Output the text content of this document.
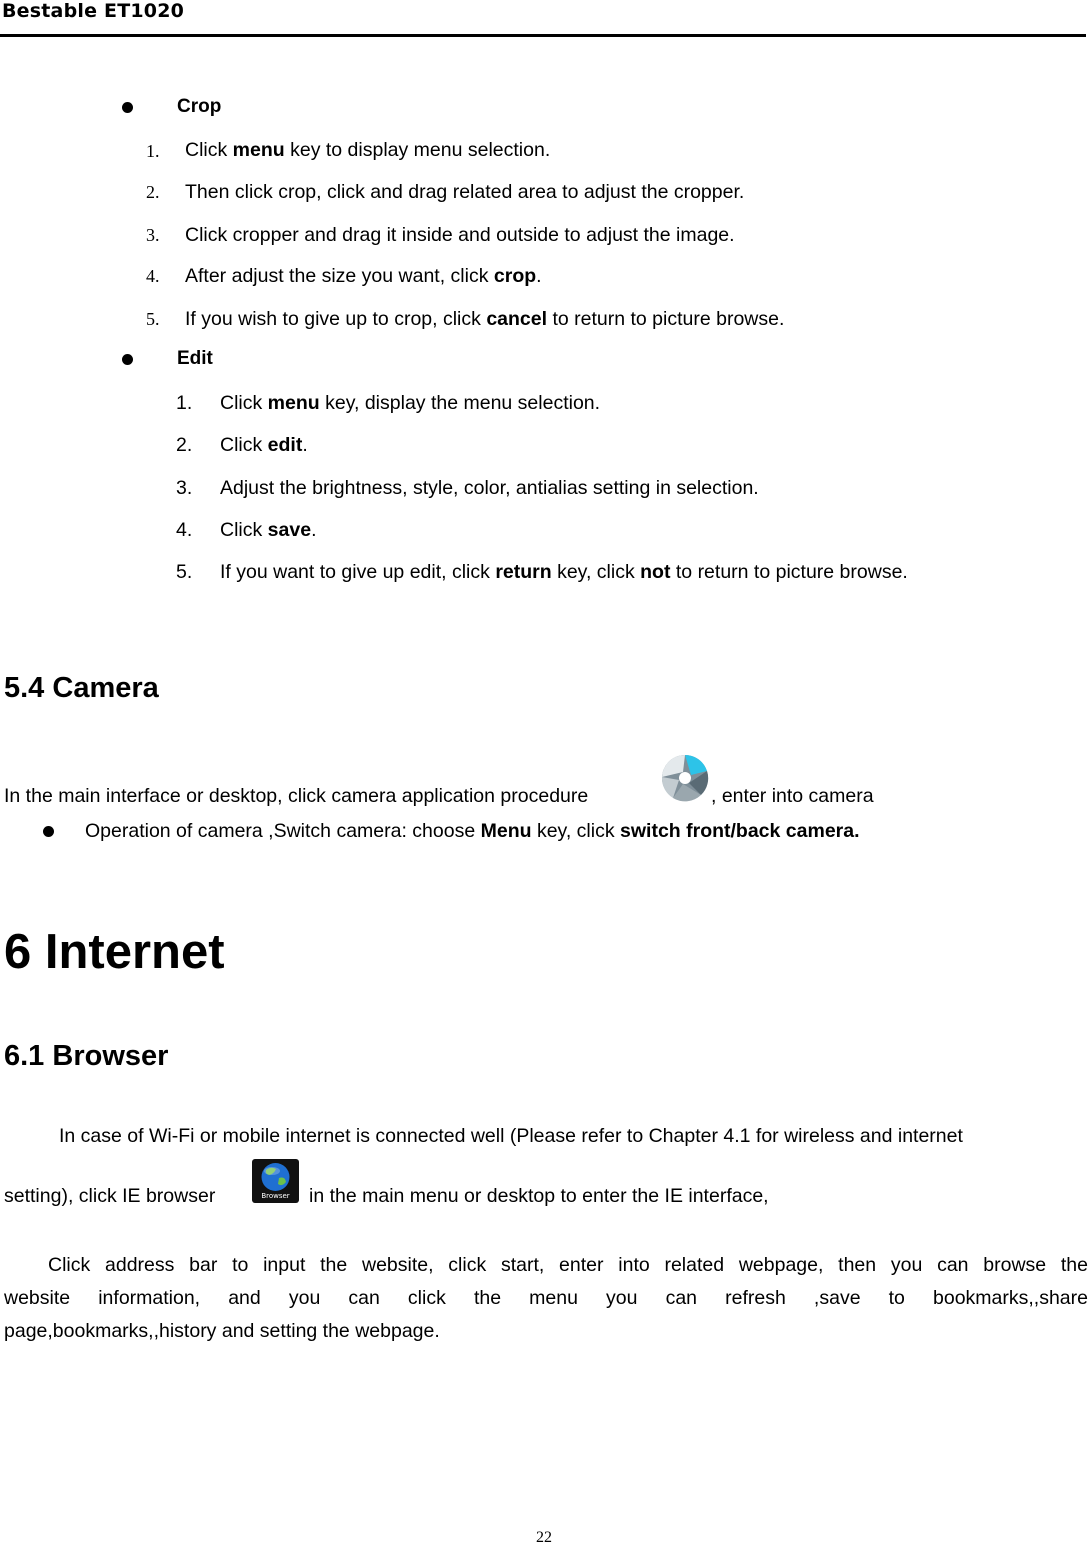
Bestable ET1020
Crop
1. Click menu key to display menu selection.
2. Then click crop, click and drag related area to adjust the cropper.
3. Click cropper and drag it inside and outside to adjust the image.
4. After adjust the size you want, click crop.
5. If you wish to give up to crop, click cancel to return to picture browse.
Edit
1. Click menu key, display the menu selection.
2. Click edit.
3. Adjust the brightness, style, color, antialias setting in selection.
4. Click save.
5. If you want to give up edit, click return key, click not to return to picture browse.
5.4 Camera
In the main interface or desktop, click camera application procedure	, enter into camera
Operation of camera ,Switch camera: choose Menu key, click switch front/back camera.
6 Internet
6.1 Browser
In case of Wi-Fi or mobile internet is connected well (Please refer to Chapter 4.1 for wireless and internet
setting), click IE browser	Browser in the main menu or desktop to enter the IE interface,
Click address bar to input the website, click start, enter into related webpage, then you can browse the
website information, and you can click the menu you can refresh ,save to bookmarks,,share
page,bookmarks,,history and setting the webpage.
22
